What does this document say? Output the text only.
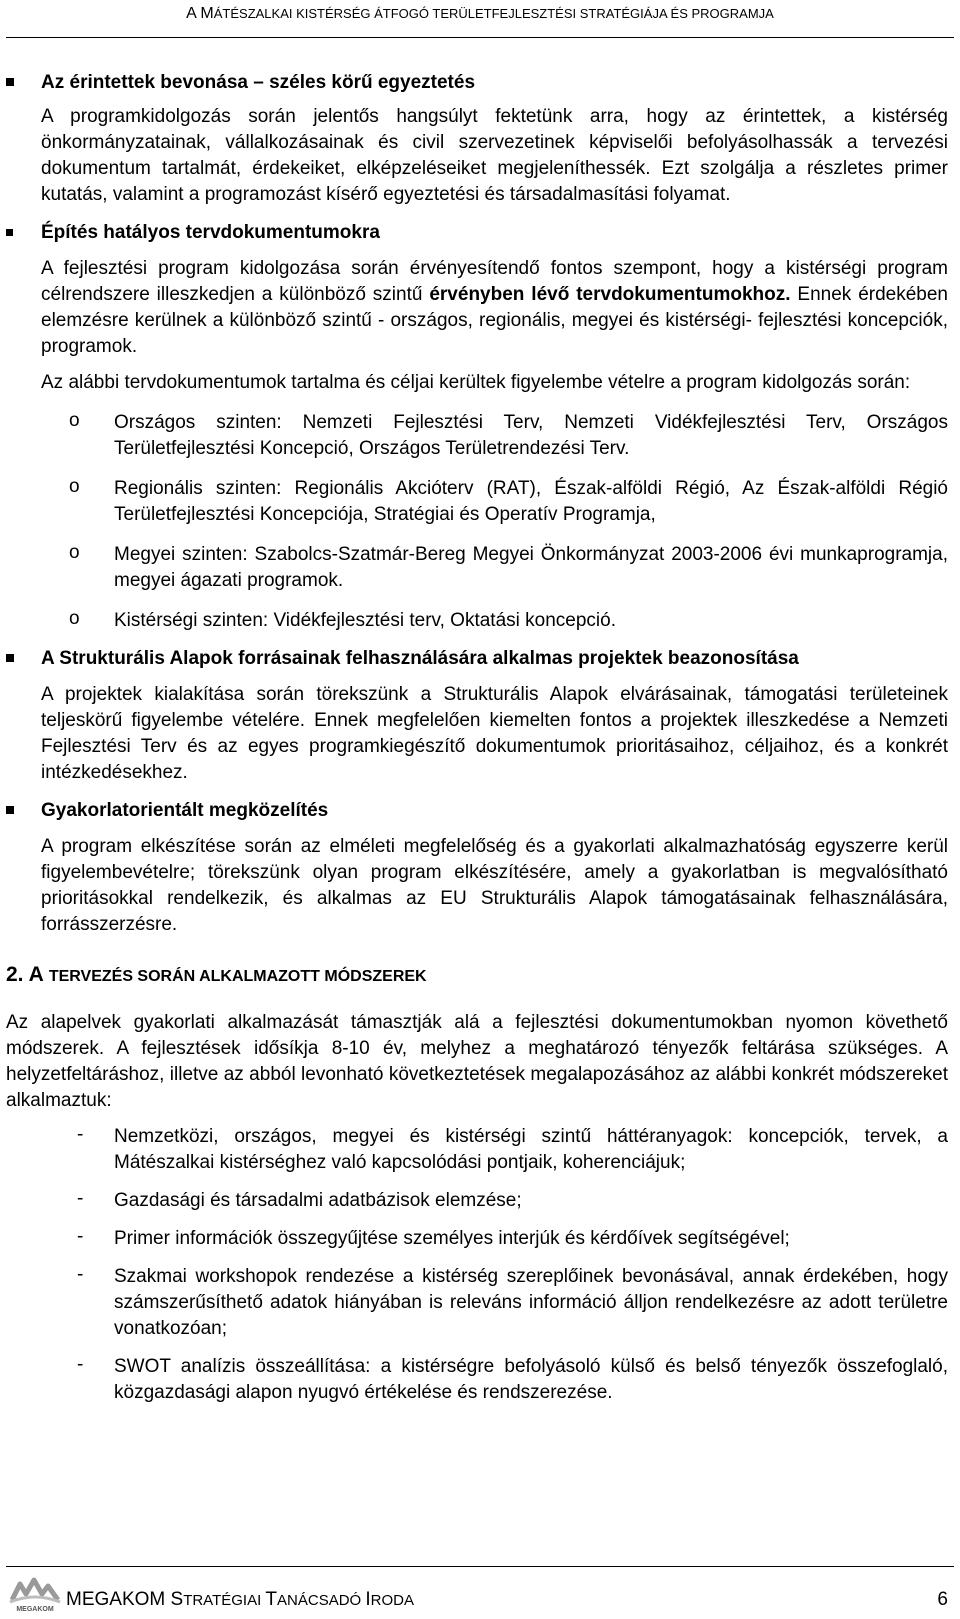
A MÁTÉSZALKAI KISTÉRSÉG ÁTFOGÓ TERÜLETFEJLESZTÉSI STRATÉGIÁJA ÉS PROGRAMJA
Az érintettek bevonása – széles körű egyeztetés

A programkidolgozás során jelentős hangsúlyt fektetünk arra, hogy az érintettek, a kistérség önkormányzatainak, vállalkozásainak és civil szervezetinek képviselői befolyásolhassák a tervezési dokumentum tartalmát, érdekeiket, elképzeléseiket megjeleníthessék. Ezt szolgálja a részletes primer kutatás, valamint a programozást kísérő egyeztetési és társadalmasítási folyamat.

Építés hatályos tervdokumentumokra

A fejlesztési program kidolgozása során érvényesítendő fontos szempont, hogy a kistérségi program célrendszere illeszkedjen a különböző szintű érvényben lévő tervdokumentumokhoz. Ennek érdekében elemzésre kerülnek a különböző szintű - országos, regionális, megyei és kistérségi- fejlesztési koncepciók, programok.

Az alábbi tervdokumentumok tartalma és céljai kerültek figyelembe vételre a program kidolgozás során:

o Országos szinten: Nemzeti Fejlesztési Terv, Nemzeti Vidékfejlesztési Terv, Országos Területfejlesztési Koncepció, Országos Területrendezési Terv.

o Regionális szinten: Regionális Akcióterv (RAT), Észak-alföldi Régió, Az Észak-alföldi Régió Területfejlesztési Koncepciója, Stratégiai és Operatív Programja,

o Megyei szinten: Szabolcs-Szatmár-Bereg Megyei Önkormányzat 2003-2006 évi munkaprogramja, megyei ágazati programok.

o Kistérségi szinten: Vidékfejlesztési terv, Oktatási koncepció.

A Strukturális Alapok forrásainak felhasználására alkalmas projektek beazonosítása

A projektek kialakítása során törekszünk a Strukturális Alapok elvárásainak, támogatási területeinek teljeskörű figyelembe vételére. Ennek megfelelően kiemelten fontos a projektek illeszkedése a Nemzeti Fejlesztési Terv és az egyes programkiegészítő dokumentumok prioritásaihoz, céljaihoz, és a konkrét intézkedésekhez.

Gyakorlatorientált megközelítés

A program elkészítése során az elméleti megfelelőség és a gyakorlati alkalmazhatóság egyszerre kerül figyelembevételre; törekszünk olyan program elkészítésére, amely a gyakorlatban is megvalósítható prioritásokkal rendelkezik, és alkalmas az EU Strukturális Alapok támogatásainak felhasználására, forrásszerzésre.

2. A TERVEZÉS SORÁN ALKALMAZOTT MÓDSZEREK

Az alapelvek gyakorlati alkalmazását támasztják alá a fejlesztési dokumentumokban nyomon követhető módszerek. A fejlesztések idősíkja 8-10 év, melyhez a meghatározó tényezők feltárása szükséges. A helyzetfeltáráshoz, illetve az abból levonható következtetések megalapozásához az alábbi konkrét módszereket alkalmaztuk:

- Nemzetközi, országos, megyei és kistérségi szintű háttéranyagok: koncepciók, tervek, a Mátészalkai kistérséghez való kapcsolódási pontjaik, koherenciájuk;

- Gazdasági és társadalmi adatbázisok elemzése;

- Primer információk összegyűjtése személyes interjúk és kérdőívek segítségével;

- Szakmai workshopok rendezése a kistérség szereplőinek bevonásával, annak érdekében, hogy számszerűsíthető adatok hiányában is releváns információ álljon rendelkezésre az adott területre vonatkozóan;

- SWOT analízis összeállítása: a kistérségre befolyásoló külső és belső tényezők összefoglaló, közgazdasági alapon nyugvó értékelése és rendszerezése.

MEGAKOM MEGAKOM STRATÉGIAI TANÁCSADÓ IRODA	6
